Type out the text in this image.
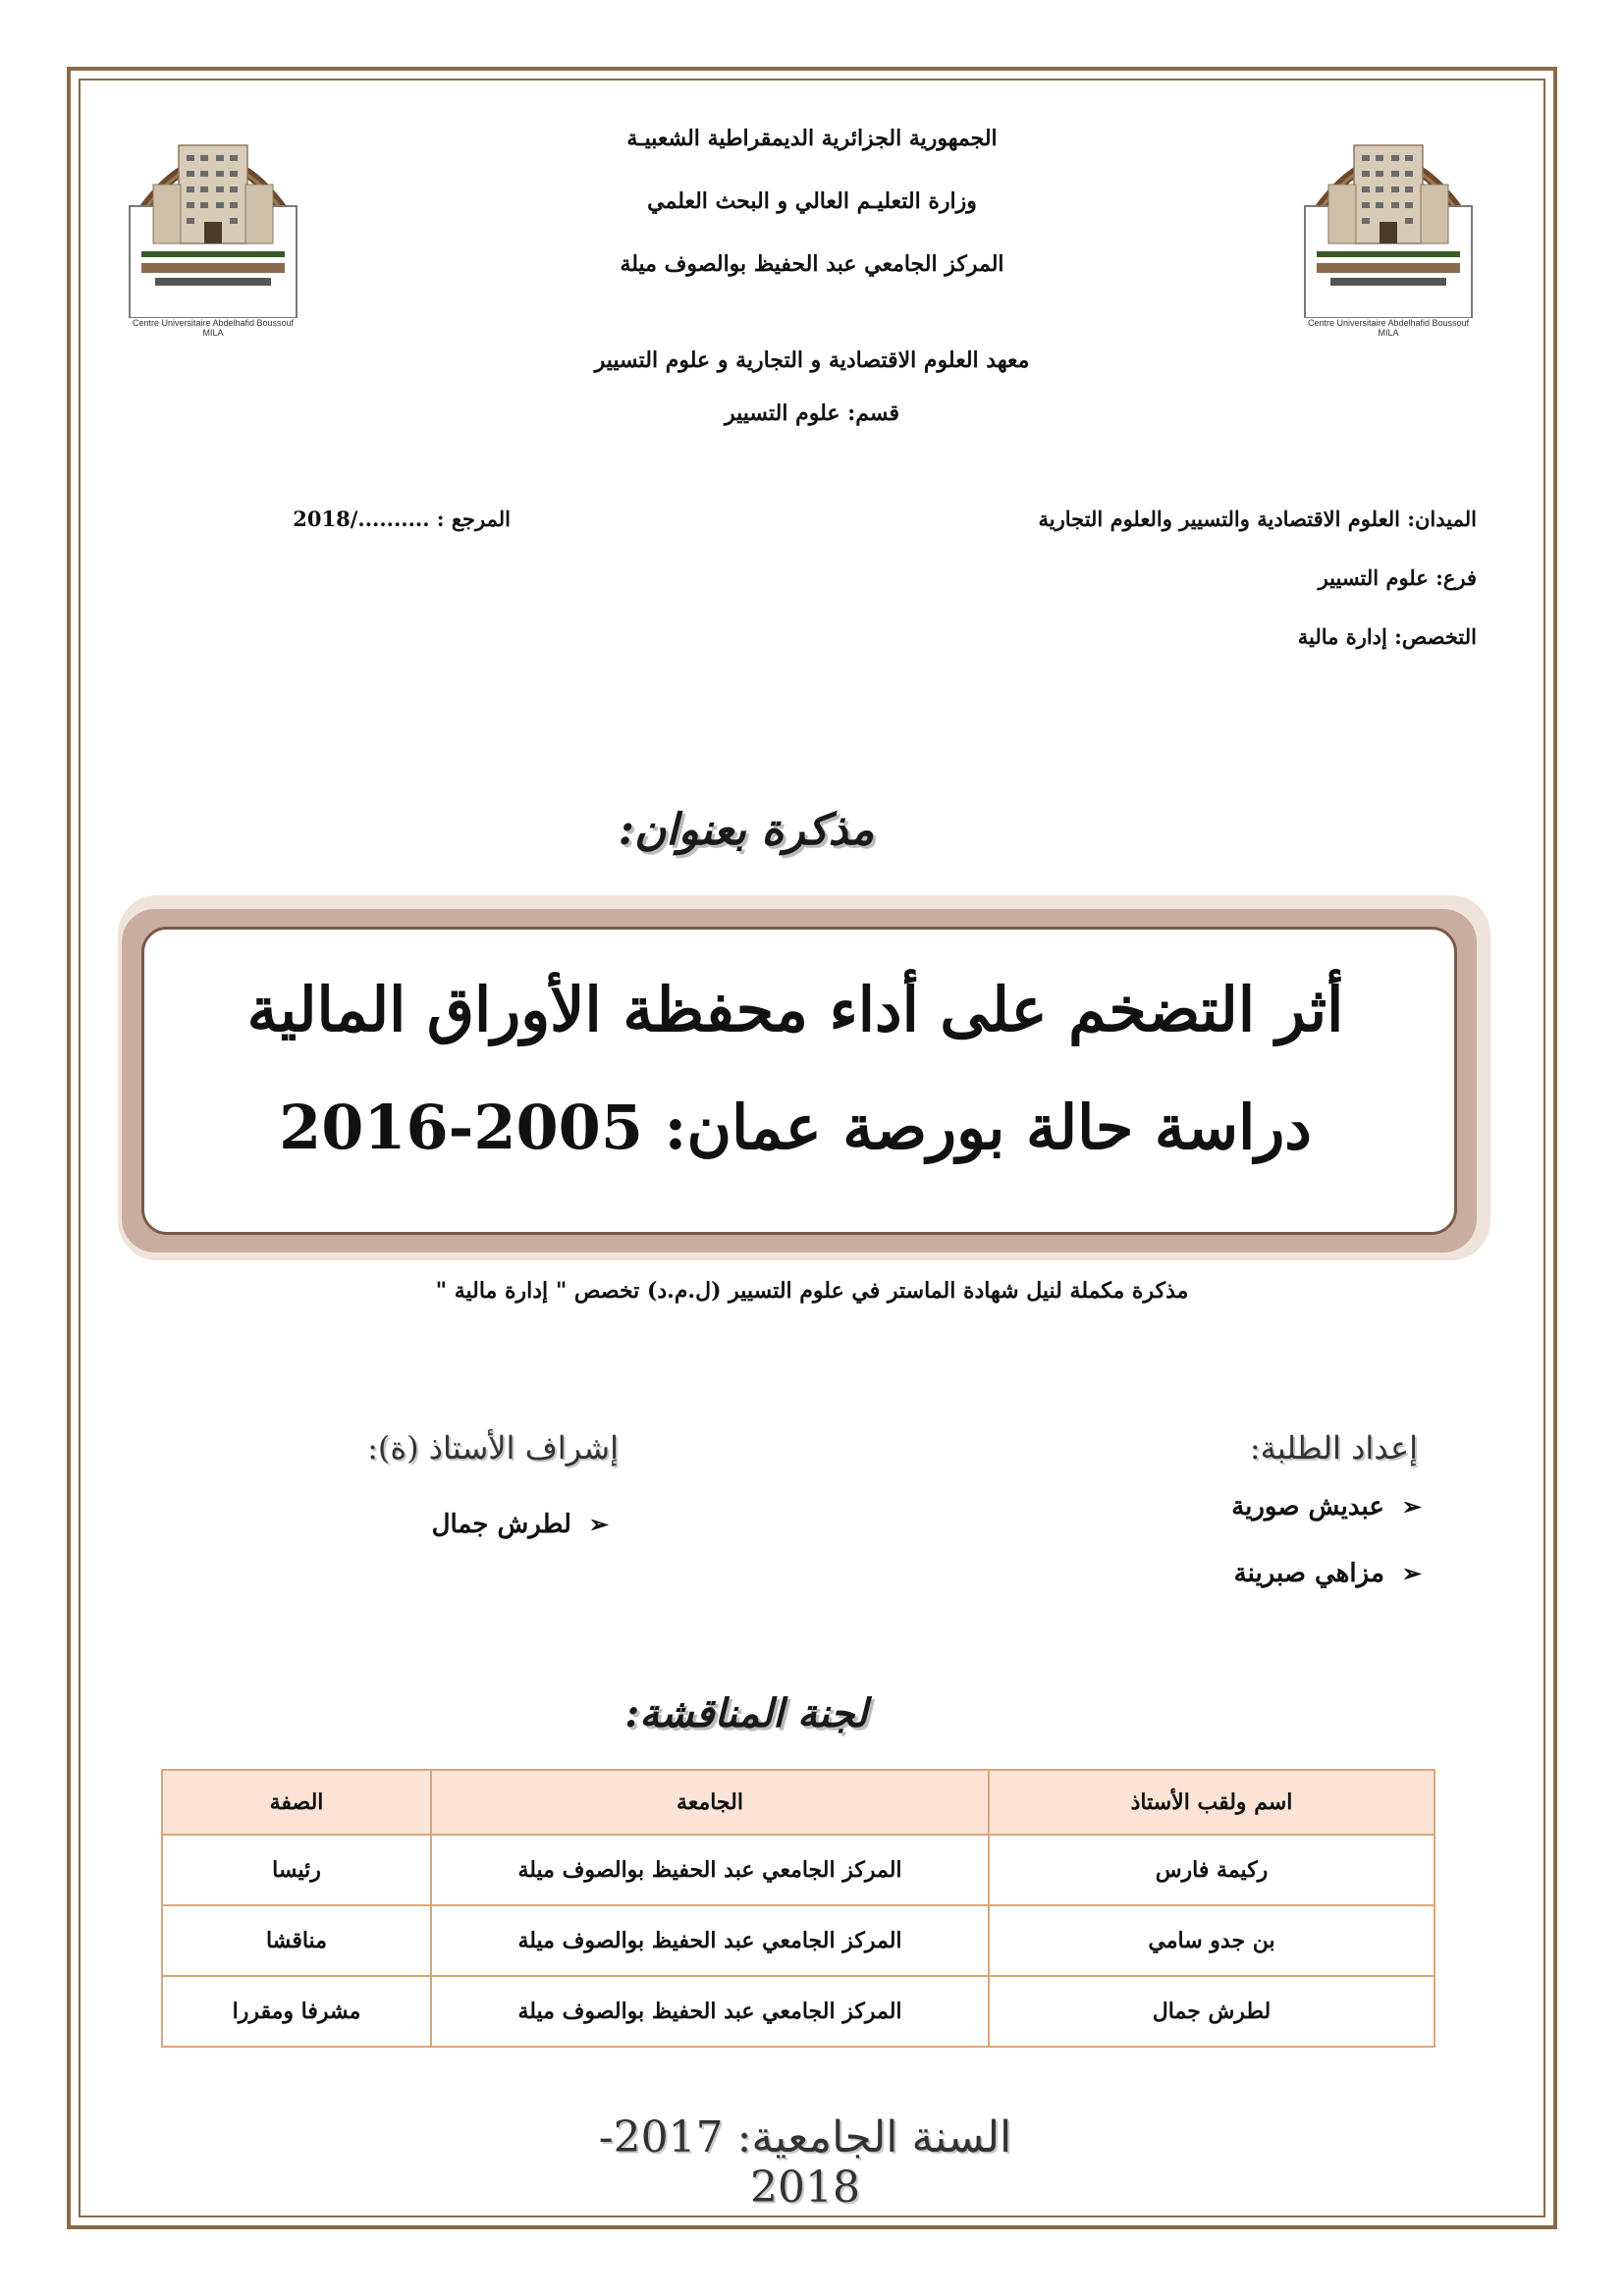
Centre Universitaire Abdelhafid Boussouf MILA
Centre Universitaire Abdelhafid Boussouf MILA
الجمهورية الجزائرية الديمقراطية الشعبيـة
وزارة التعليـم العالي و البحث العلمي
المركز الجامعي عبد الحفيظ بوالصوف ميلة
معهد العلوم الاقتصادية و التجارية و علوم التسيير
قسم: علوم التسيير
الميدان: العلوم الاقتصادية والتسيير والعلوم التجارية
المرجع : ........../2018
فرع: علوم التسيير
التخصص: إدارة مالية
مذكرة بعنوان:
أثر التضخم على أداء محفظة الأوراق المالية
دراسة حالة بورصة عمان: 2005-2016
مذكرة مكملة لنيل شهادة الماستر في علوم التسيير (ل.م.د) تخصص " إدارة مالية "
إعداد الطلبة:
➢عبديش صورية
➢مزاهي صبرينة
إشراف الأستاذ (ة):
➢لطرش جمال
لجنة المناقشة:
اسم ولقب الأستاذ	الجامعة	الصفة
ركيمة فارس	المركز الجامعي عبد الحفيظ بوالصوف ميلة	رئيسا
بن جدو سامي	المركز الجامعي عبد الحفيظ بوالصوف ميلة	مناقشا
لطرش جمال	المركز الجامعي عبد الحفيظ بوالصوف ميلة	مشرفا ومقررا
السنة الجامعية: 2017-2018
